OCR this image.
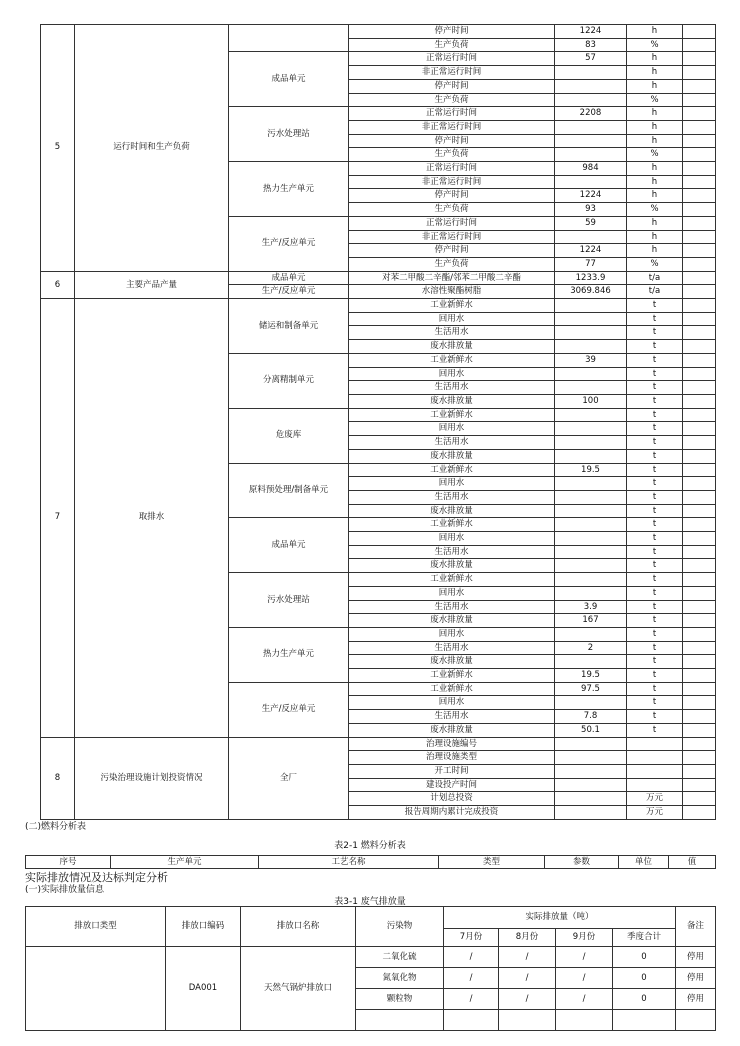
5	运行时间和生产负荷		停产时间	1224	h	
			生产负荷	83	%	
		成品单元	正常运行时间	57	h	
			非正常运行时间		h	
			停产时间		h	
			生产负荷		%	
		污水处理站	正常运行时间	2208	h	
			非正常运行时间		h	
			停产时间		h	
			生产负荷		%	
		热力生产单元	正常运行时间	984	h	
			非正常运行时间		h	
			停产时间	1224	h	
			生产负荷	93	%	
		生产/反应单元	正常运行时间	59	h	
			非正常运行时间		h	
			停产时间	1224	h	
			生产负荷	77	%	
6	主要产品产量	成品单元	对苯二甲酸二辛酯/邻苯二甲酸二辛酯	1233.9	t/a	
		生产/反应单元	水溶性聚酯树脂	3069.846	t/a	
7	取排水	储运和制备单元	工业新鲜水		t	
			回用水		t	
			生活用水		t	
			废水排放量		t	
		分离精制单元	工业新鲜水	39	t	
			回用水		t	
			生活用水		t	
			废水排放量	100	t	
		危废库	工业新鲜水		t	
			回用水		t	
			生活用水		t	
			废水排放量		t	
		原料预处理/制备单元	工业新鲜水	19.5	t	
			回用水		t	
			生活用水		t	
			废水排放量		t	
		成品单元	工业新鲜水		t	
			回用水		t	
			生活用水		t	
			废水排放量		t	
		污水处理站	工业新鲜水		t	
			回用水		t	
			生活用水	3.9	t	
			废水排放量	167	t	
		热力生产单元	回用水		t	
			生活用水	2	t	
			废水排放量		t	
			工业新鲜水	19.5	t	
		生产/反应单元	工业新鲜水	97.5	t	
			回用水		t	
			生活用水	7.8	t	
			废水排放量	50.1	t	
8	污染治理设施计划投资情况	全厂	治理设施编号			
			治理设施类型			
			开工时间			
			建设投产时间			
			计划总投资		万元	
			报告周期内累计完成投资		万元	

(二)燃料分析表

表2-1 燃料分析表

序号	生产单元	工艺名称	类型	参数	单位	值

实际排放情况及达标判定分析

(一)实际排放量信息

表3-1 废气排放量

排放口类型	排放口编码	排放口名称	污染物	实际排放量（吨）				备注
				7月份	8月份	9月份	季度合计	
	DA001	天然气锅炉排放口	二氧化硫	/	/	/	0	停用
			氮氧化物	/	/	/	0	停用
			颗粒物	/	/	/	0	停用
